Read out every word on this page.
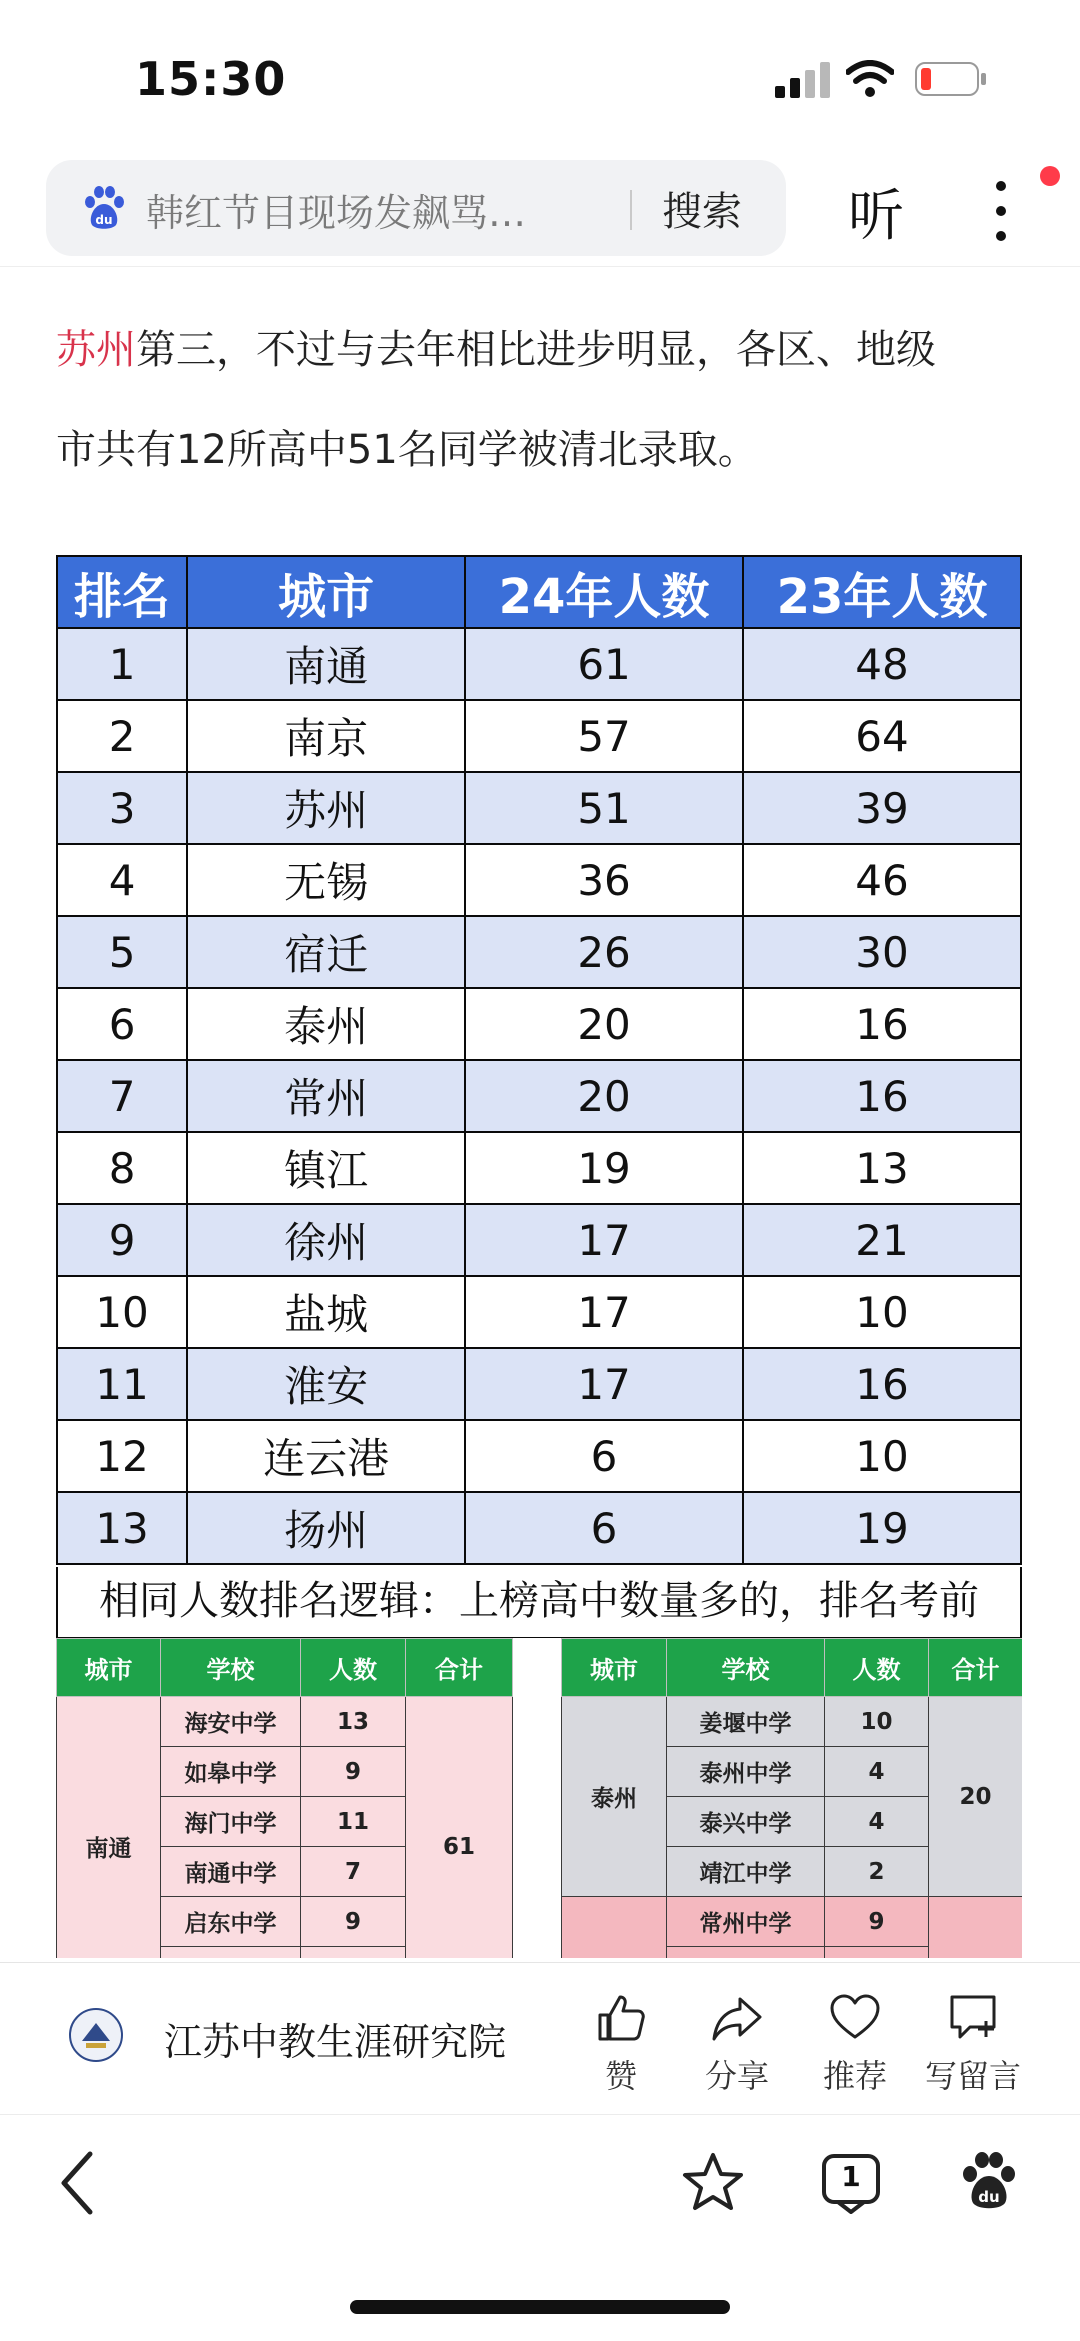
15:30
du 韩红节目现场发飙骂…	搜索 听
苏州第三，不过与去年相比进步明显，各区、地级
市共有12所高中51名同学被清北录取。
排名	城市	24年人数	23年人数
1	南通	61	48
2	南京	57	64
3	苏州	51	39
4	无锡	36	46
5	宿迁	26	30
6	泰州	20	16
7	常州	20	16
8	镇江	19	13
9	徐州	17	21
10	盐城	17	10
11	淮安	17	16
12	连云港	6	10
13	扬州	6	19
相同人数排名逻辑：上榜高中数量多的，排名考前
城市	学校	人数	合计
南通	海安中学	13	61
	如皋中学	9	
	海门中学	11	
	南通中学	7	
	启东中学	9	

城市	学校	人数	合计
泰州	姜堰中学	10	20
	泰州中学	4	
	泰兴中学	4	
	靖江中学	2	
	常州中学	9	

江苏中教生涯研究院
赞	分享	推荐	写留言
1
du
